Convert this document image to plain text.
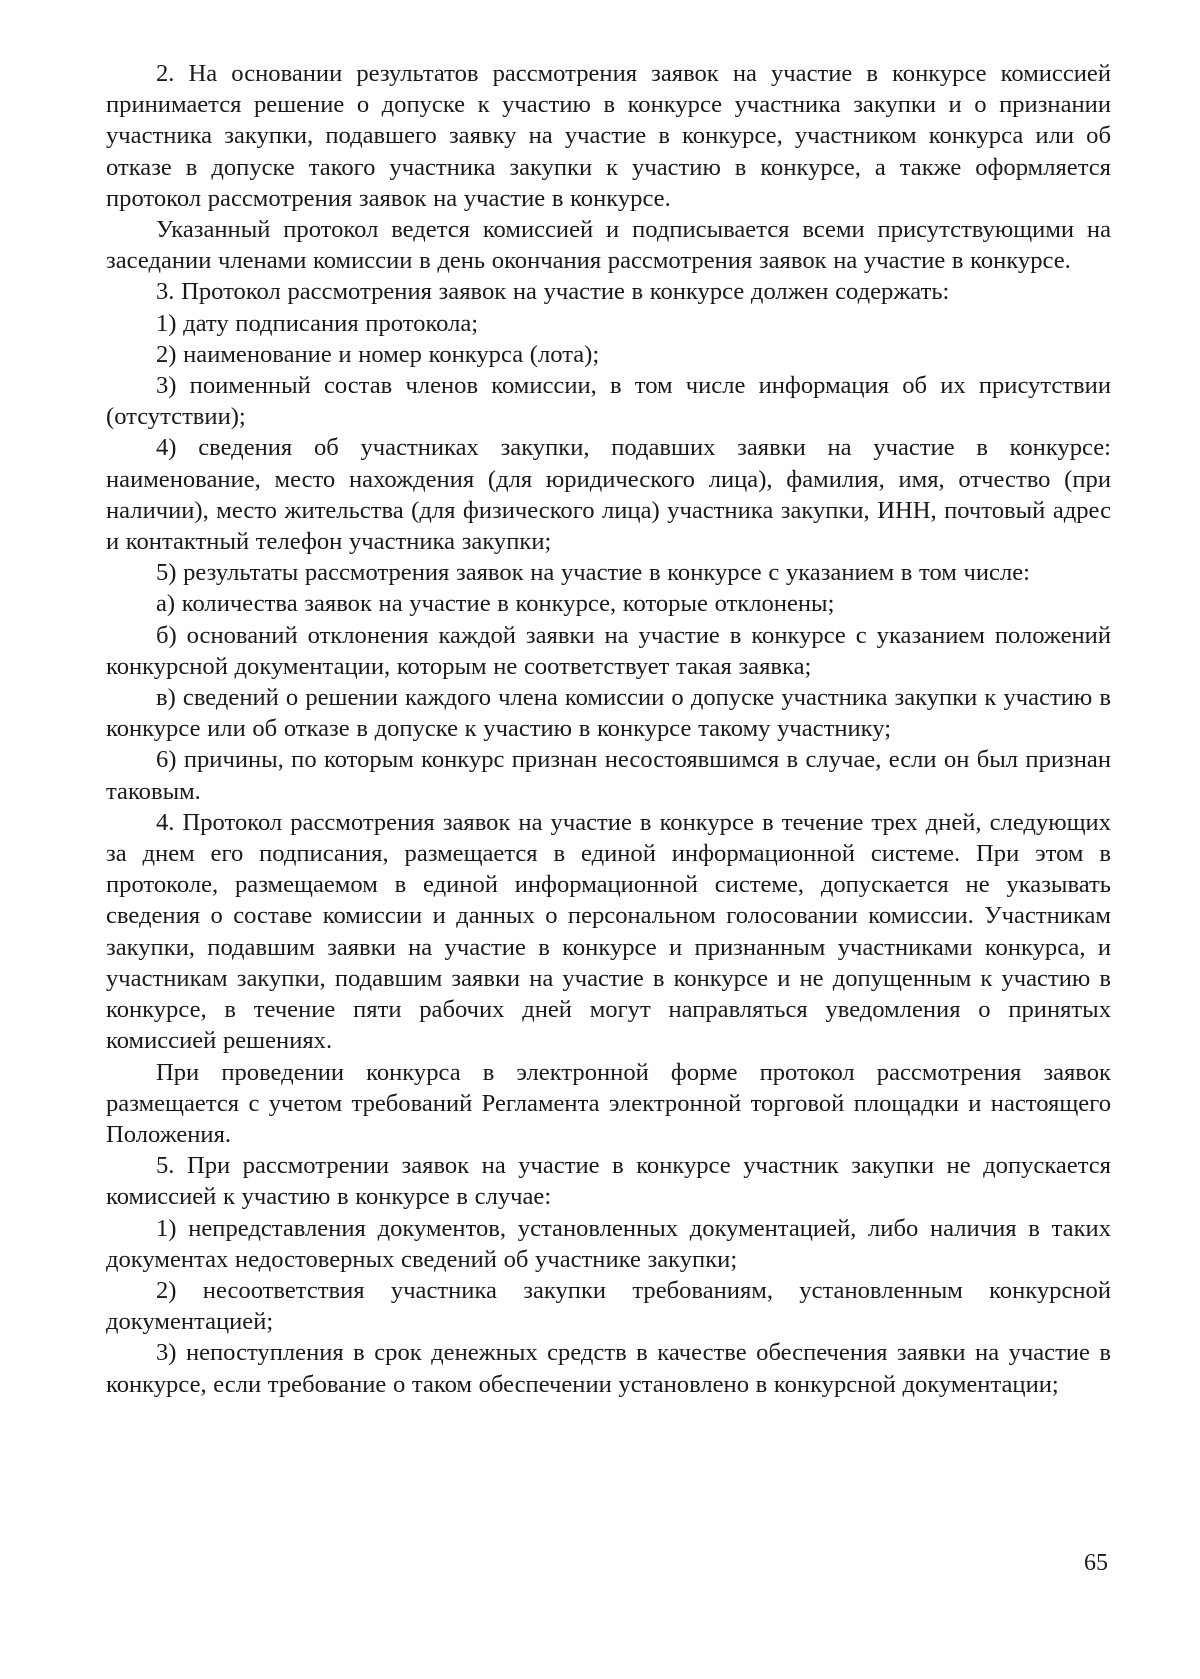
2. На основании результатов рассмотрения заявок на участие в конкурсе комиссией принимается решение о допуске к участию в конкурсе участника закупки и о признании участника закупки, подавшего заявку на участие в конкурсе, участником конкурса или об отказе в допуске такого участника закупки к участию в конкурсе, а также оформляется протокол рассмотрения заявок на участие в конкурсе.

Указанный протокол ведется комиссией и подписывается всеми присутствующими на заседании членами комиссии в день окончания рассмотрения заявок на участие в конкурсе.

3. Протокол рассмотрения заявок на участие в конкурсе должен содержать:

1) дату подписания протокола;

2) наименование и номер конкурса (лота);

3) поименный состав членов комиссии, в том числе информация об их присутствии (отсутствии);

4) сведения об участниках закупки, подавших заявки на участие в конкурсе: наименование, место нахождения (для юридического лица), фамилия, имя, отчество (при наличии), место жительства (для физического лица) участника закупки, ИНН, почтовый адрес и контактный телефон участника закупки;

5) результаты рассмотрения заявок на участие в конкурсе с указанием в том числе:

а) количества заявок на участие в конкурсе, которые отклонены;

б) оснований отклонения каждой заявки на участие в конкурсе с указанием положений конкурсной документации, которым не соответствует такая заявка;

в) сведений о решении каждого члена комиссии о допуске участника закупки к участию в конкурсе или об отказе в допуске к участию в конкурсе такому участнику;

6) причины, по которым конкурс признан несостоявшимся в случае, если он был признан таковым.

4. Протокол рассмотрения заявок на участие в конкурсе в течение трех дней, следующих за днем его подписания, размещается в единой информационной системе. При этом в протоколе, размещаемом в единой информационной системе, допускается не указывать сведения о составе комиссии и данных о персональном голосовании комиссии. Участникам закупки, подавшим заявки на участие в конкурсе и признанным участниками конкурса, и участникам закупки, подавшим заявки на участие в конкурсе и не допущенным к участию в конкурсе, в течение пяти рабочих дней могут направляться уведомления о принятых комиссией решениях.

При проведении конкурса в электронной форме протокол рассмотрения заявок размещается с учетом требований Регламента электронной торговой площадки и настоящего Положения.

5. При рассмотрении заявок на участие в конкурсе участник закупки не допускается комиссией к участию в конкурсе в случае:

1) непредставления документов, установленных документацией, либо наличия в таких документах недостоверных сведений об участнике закупки;

2) несоответствия участника закупки требованиям, установленным конкурсной документацией;

3) непоступления в срок денежных средств в качестве обеспечения заявки на участие в конкурсе, если требование о таком обеспечении установлено в конкурсной документации;

65
